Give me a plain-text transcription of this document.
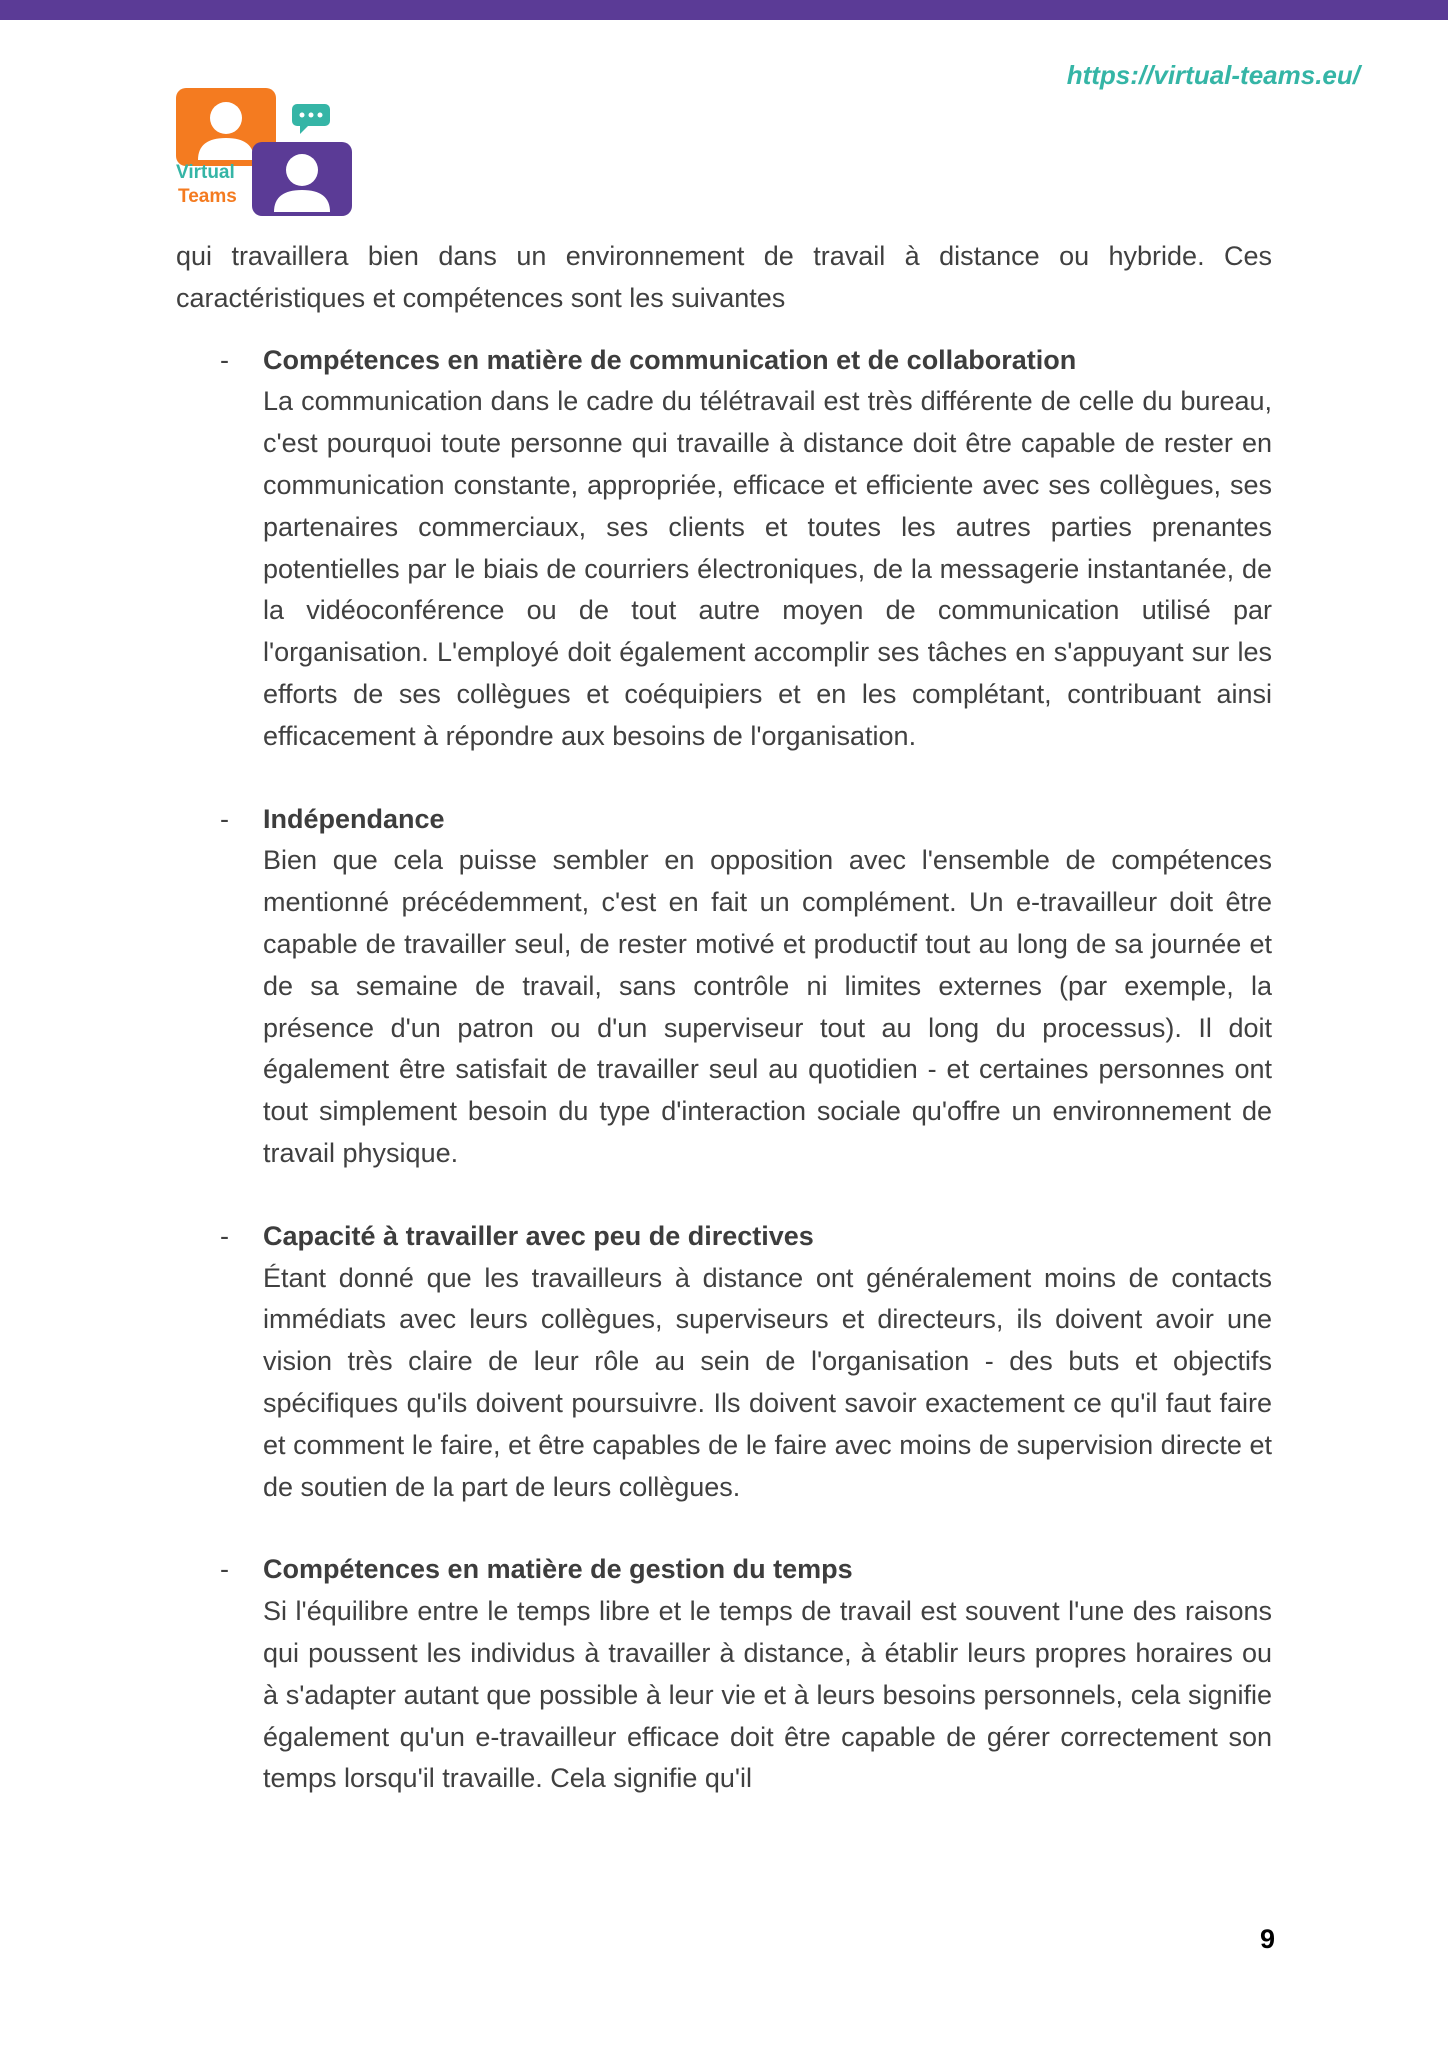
https://virtual-teams.eu/
Virtual
Teams

qui travaillera bien dans un environnement de travail à distance ou hybride. Ces caractéristiques et compétences sont les suivantes

-	Compétences en matière de communication et de collaboration
La communication dans le cadre du télétravail est très différente de celle du bureau, c'est pourquoi toute personne qui travaille à distance doit être capable de rester en communication constante, appropriée, efficace et efficiente avec ses collègues, ses partenaires commerciaux, ses clients et toutes les autres parties prenantes potentielles par le biais de courriers électroniques, de la messagerie instantanée, de la vidéoconférence ou de tout autre moyen de communication utilisé par l'organisation. L'employé doit également accomplir ses tâches en s'appuyant sur les efforts de ses collègues et coéquipiers et en les complétant, contribuant ainsi efficacement à répondre aux besoins de l'organisation.
-	Indépendance
Bien que cela puisse sembler en opposition avec l'ensemble de compétences mentionné précédemment, c'est en fait un complément. Un e-travailleur doit être capable de travailler seul, de rester motivé et productif tout au long de sa journée et de sa semaine de travail, sans contrôle ni limites externes (par exemple, la présence d'un patron ou d'un superviseur tout au long du processus). Il doit également être satisfait de travailler seul au quotidien - et certaines personnes ont tout simplement besoin du type d'interaction sociale qu'offre un environnement de travail physique.
-	Capacité à travailler avec peu de directives
Étant donné que les travailleurs à distance ont généralement moins de contacts immédiats avec leurs collègues, superviseurs et directeurs, ils doivent avoir une vision très claire de leur rôle au sein de l'organisation - des buts et objectifs spécifiques qu'ils doivent poursuivre. Ils doivent savoir exactement ce qu'il faut faire et comment le faire, et être capables de le faire avec moins de supervision directe et de soutien de la part de leurs collègues.
-	Compétences en matière de gestion du temps
Si l'équilibre entre le temps libre et le temps de travail est souvent l'une des raisons qui poussent les individus à travailler à distance, à établir leurs propres horaires ou à s'adapter autant que possible à leur vie et à leurs besoins personnels, cela signifie également qu'un e-travailleur efficace doit être capable de gérer correctement son temps lorsqu'il travaille. Cela signifie qu'il
9
